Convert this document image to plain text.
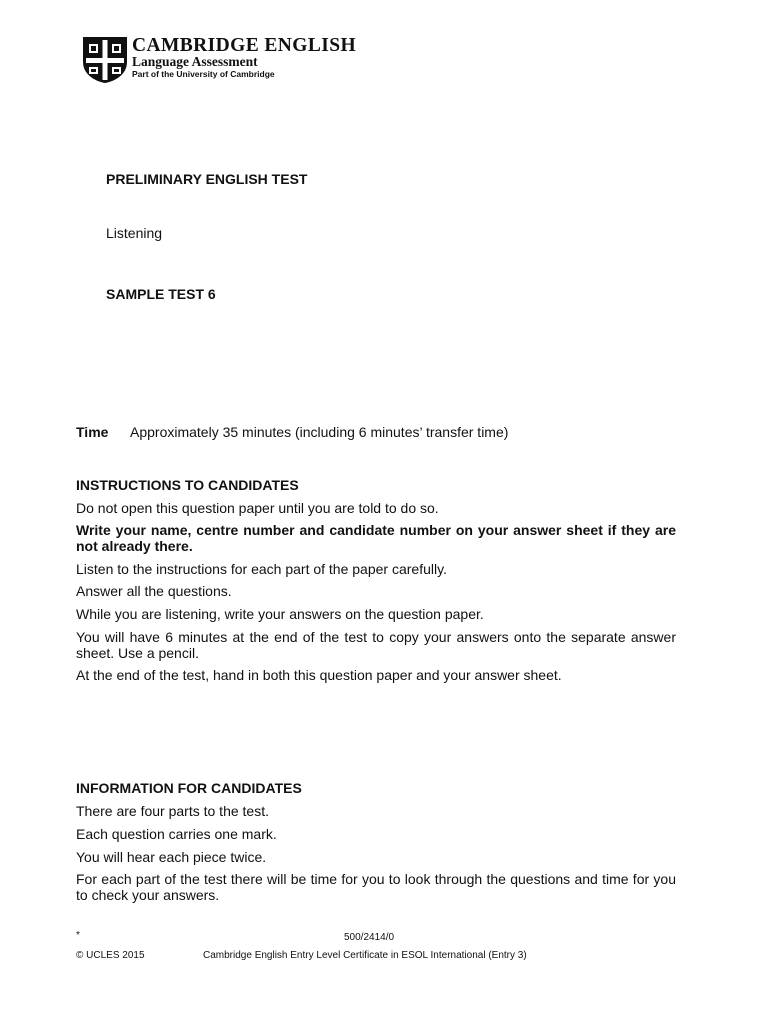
CAMBRIDGE ENGLISH
Language Assessment
Part of the University of Cambridge
PRELIMINARY ENGLISH TEST
Listening
SAMPLE TEST 6
Time Approximately 35 minutes (including 6 minutes’ transfer time)
INSTRUCTIONS TO CANDIDATES
Do not open this question paper until you are told to do so.
Write your name, centre number and candidate number on your answer sheet if they are not already there.
Listen to the instructions for each part of the paper carefully.
Answer all the questions.
While you are listening, write your answers on the question paper.
You will have 6 minutes at the end of the test to copy your answers onto the separate answer sheet. Use a pencil.
At the end of the test, hand in both this question paper and your answer sheet.
INFORMATION FOR CANDIDATES
There are four parts to the test.
Each question carries one mark.
You will hear each piece twice.
For each part of the test there will be time for you to look through the questions and time for you to check your answers.
*	500/2414/0
© UCLES 2015	Cambridge English Entry Level Certificate in ESOL International (Entry 3)
